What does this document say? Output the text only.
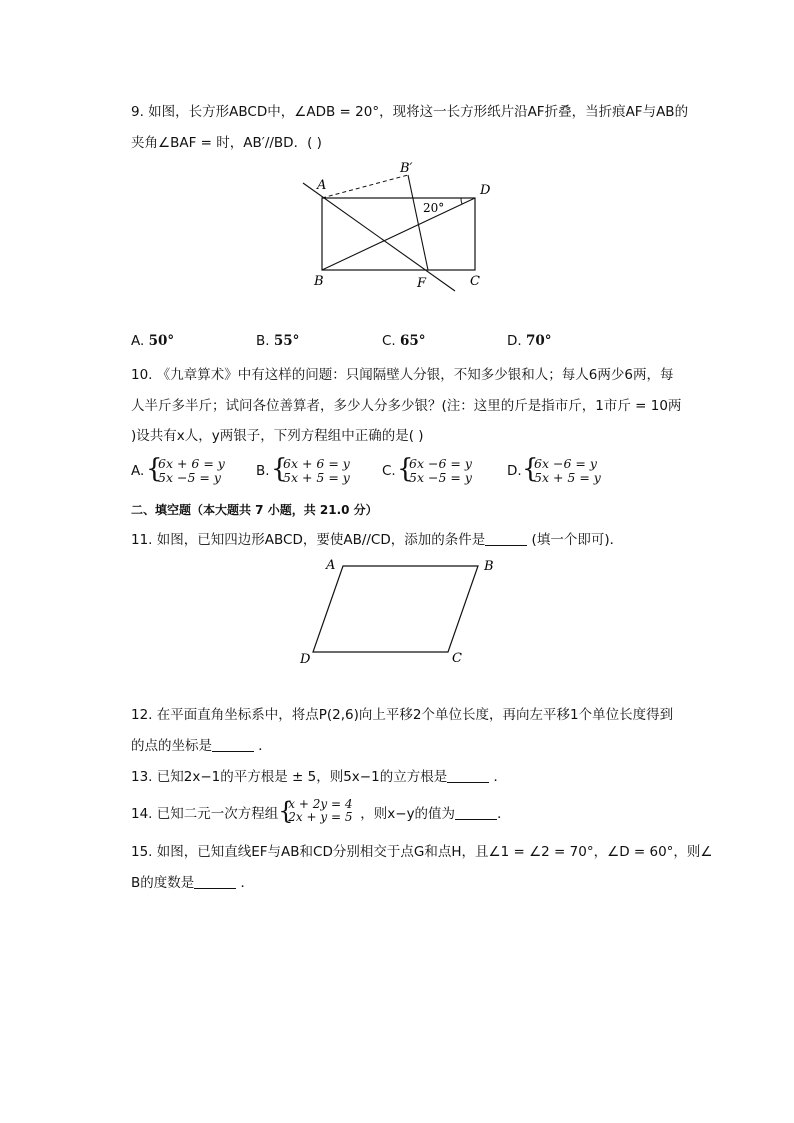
9. 如图，长方形ABCD中，∠ADB = 20°，现将这一长方形纸片沿AF折叠，当折痕AF与AB的
夹角∠BAF = 时，AB′//BD．( )
A
B′
D
20°
B	F	C
A. 50°	B. 55°	C. 65°	D. 70°
10. 《九章算术》中有这样的问题：只闻隔壁人分银，不知多少银和人；每人6两少6两，每
人半斤多半斤；试问各位善算者，多少人分多少银？(注：这里的斤是指市斤，1市斤 = 10两
)设共有x人，y两银子，下列方程组中正确的是( )
A. {
6x + 6 = y
5x −5 = y	B. {
6x + 6 = y
5x + 5 = y C. {
6x −6 = y
5x −5 = y	D. {
6x −6 = y
5x + 5 = y
二、填空题（本大题共 7 小题，共 21.0 分）
11. 如图，已知四边形ABCD，要使AB//CD，添加的条件是	(填一个即可)．
A	B
D	C
12. 在平面直角坐标系中，将点P(2,6)向上平移2个单位长度，再向左平移1个单位长度得到
的点的坐标是	．
13. 已知2x−1的平方根是 ± 5，则5x−1的立方根是	．
14. 已知二元一次方程组 {
x + 2y = 4
2x + y = 5 ，则x−y的值为	．
15. 如图，已知直线EF与AB和CD分别相交于点G和点H，且∠1 = ∠2 = 70°，∠D = 60°，则∠
B的度数是	．
